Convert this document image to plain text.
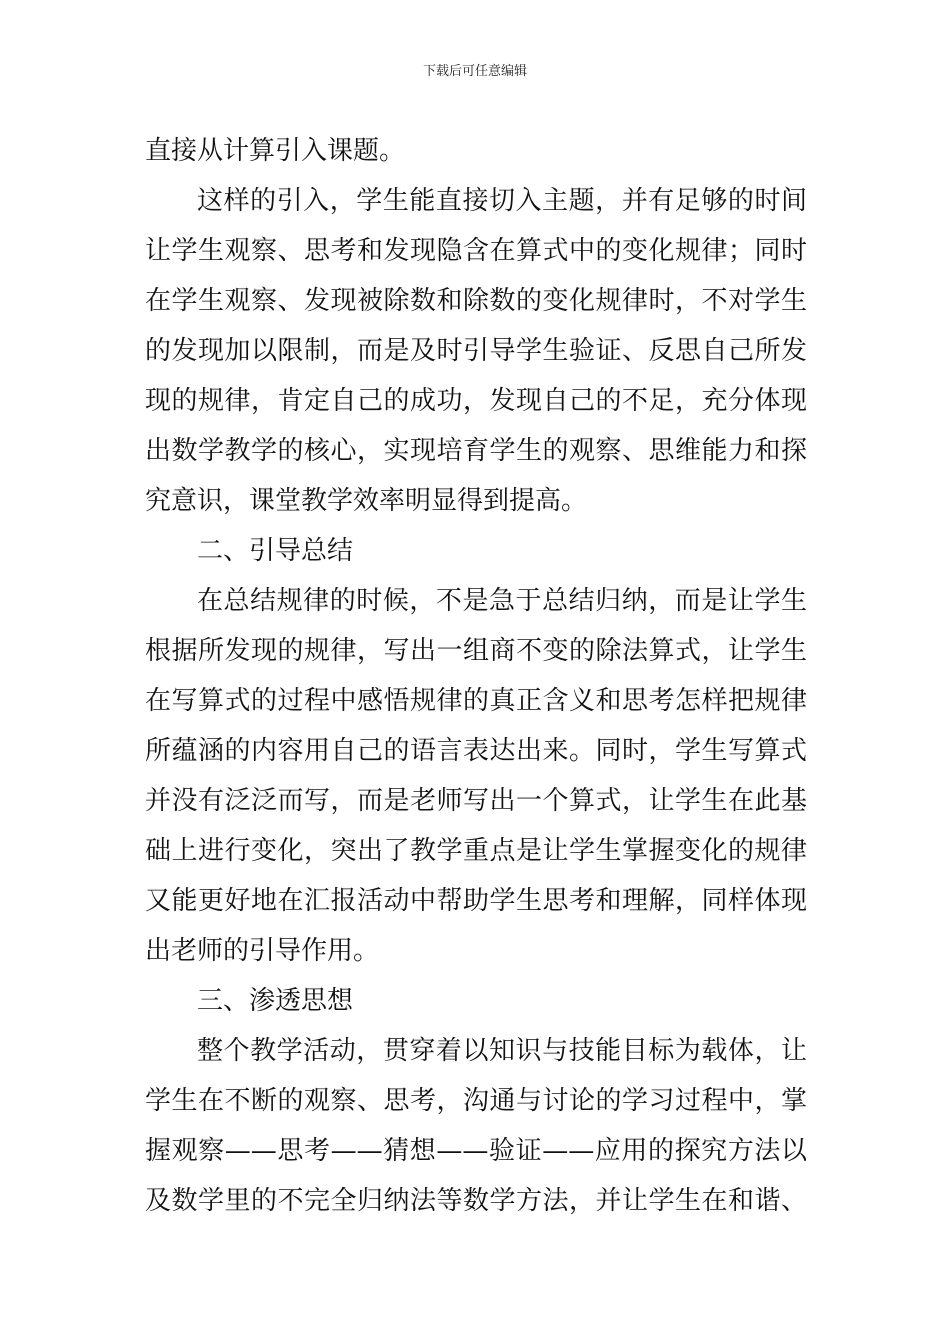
下载后可任意编辑
直接从计算引入课题。
这样的引入，学生能直接切入主题，并有足够的时间
让学生观察、思考和发现隐含在算式中的变化规律；同时
在学生观察、发现被除数和除数的变化规律时，不对学生
的发现加以限制，而是及时引导学生验证、反思自己所发
现的规律，肯定自己的成功，发现自己的不足，充分体现
出数学教学的核心，实现培育学生的观察、思维能力和探
究意识，课堂教学效率明显得到提高。
二、引导总结
在总结规律的时候，不是急于总结归纳，而是让学生
根据所发现的规律，写出一组商不变的除法算式，让学生
在写算式的过程中感悟规律的真正含义和思考怎样把规律
所蕴涵的内容用自己的语言表达出来。同时，学生写算式
并没有泛泛而写，而是老师写出一个算式，让学生在此基
础上进行变化，突出了教学重点是让学生掌握变化的规律
又能更好地在汇报活动中帮助学生思考和理解，同样体现
出老师的引导作用。
三、渗透思想
整个教学活动，贯穿着以知识与技能目标为载体，让
学生在不断的观察、思考，沟通与讨论的学习过程中，掌
握观察——思考——猜想——验证——应用的探究方法以
及数学里的不完全归纳法等数学方法，并让学生在和谐、
